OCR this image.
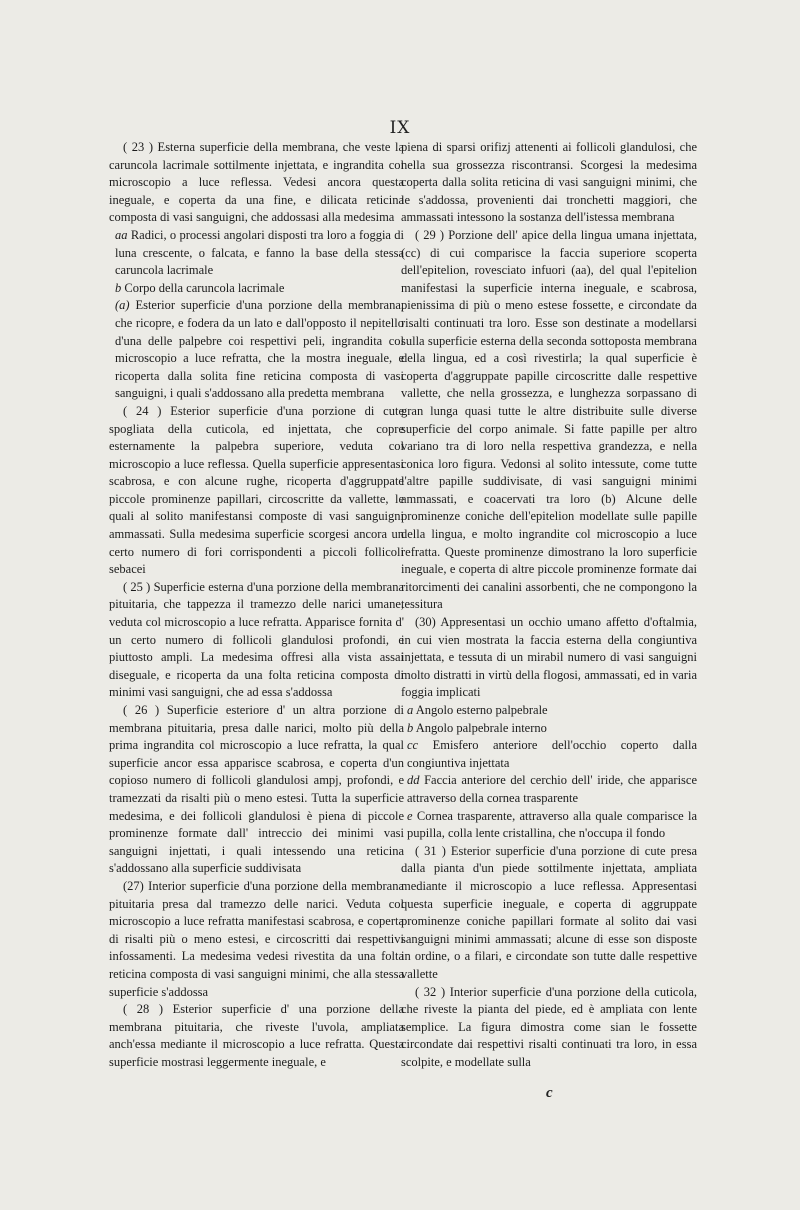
IX

( 23 ) Esterna superficie della membrana, che veste la caruncola lacrimale sottilmente injettata, e ingrandita col microscopio a luce reflessa. Vedesi ancora questa ineguale, e coperta da una fine, e dilicata reticina composta di vasi sanguigni, che addossasi alla medesima

aa Radici, o processi angolari disposti tra loro a foggia di luna crescente, o falcata, e fanno la base della stessa caruncola lacrimale

b Corpo della caruncola lacrimale

(a) Esterior superficie d'una porzione della membrana, che ricopre, e fodera da un lato e dall'opposto il nepitello d'una delle palpebre coi respettivi peli, ingrandita col microscopio a luce refratta, che la mostra ineguale, e ricoperta dalla solita fine reticina composta di vasi sanguigni, i quali s'addossano alla predetta membrana

( 24 ) Esterior superficie d'una porzione di cute spogliata della cuticola, ed injettata, che copre esternamente la palpebra superiore, veduta col microscopio a luce reflessa. Quella superficie appresentasi scabrosa, e con alcune rughe, ricoperta d'aggruppate piccole prominenze papillari, circoscritte da vallette, le quali al solito manifestansi composte di vasi sanguigni ammassati. Sulla medesima superficie scorgesi ancora un certo numero di fori corrispondenti a piccoli follicoli sebacei

( 25 ) Superficie esterna d'una porzione della membrana pituitaria, che tappezza il tramezzo delle narici umane, veduta col microscopio a luce refratta. Apparisce fornita d' un certo numero di follicoli glandulosi profondi, e piuttosto ampli. La medesima offresi alla vista assai diseguale, e ricoperta da una folta reticina composta di minimi vasi sanguigni, che ad essa s'addossa

( 26 ) Superficie esteriore d' un altra porzione di membrana pituitaria, presa dalle narici, molto più della prima ingrandita col microscopio a luce refratta, la qual superficie ancor essa apparisce scabrosa, e coperta d'un copioso numero di follicoli glandulosi ampj, profondi, e tramezzati da risalti più o meno estesi. Tutta la superficie medesima, e dei follicoli glandulosi è piena di piccole prominenze formate dall' intreccio dei minimi vasi sanguigni injettati, i quali intessendo una reticina s'addossano alla superficie suddivisata

(27) Interior superficie d'una porzione della membrana pituitaria presa dal tramezzo delle narici. Veduta col microscopio a luce refratta manifestasi scabrosa, e coperta di risalti più o meno estesi, e circoscritti dai respettivi infossamenti. La medesima vedesi rivestita da una folta reticina composta di vasi sanguigni minimi, che alla stessa superficie s'addossa

( 28 ) Esterior superficie d' una porzione della membrana pituitaria, che riveste l'uvola, ampliata anch'essa mediante il microscopio a luce refratta. Questa superficie mostrasi leggermente ineguale, e

piena di sparsi orifizj attenenti ai follicoli glandulosi, che nella sua grossezza riscontransi. Scorgesi la medesima coperta dalla solita reticina di vasi sanguigni minimi, che le s'addossa, provenienti dai tronchetti maggiori, che ammassati intessono la sostanza dell'istessa membrana

( 29 ) Porzione dell' apice della lingua umana injettata,(cc) di cui comparisce la faccia superiore scoperta dell'epitelion, rovesciato infuori (aa), del qual l'epitelion manifestasi la superficie interna ineguale, e scabrosa, pienissima di più o meno estese fossette, e circondate da risalti continuati tra loro. Esse son destinate a modellarsi sulla superficie esterna della seconda sottoposta membrana della lingua, ed a così rivestirla; la qual superficie è coperta d'aggruppate papille circoscritte dalle respettive vallette, che nella grossezza, e lunghezza sorpassano di gran lunga quasi tutte le altre distribuite sulle diverse superficie del corpo animale. Si fatte papille per altro variano tra di loro nella respettiva grandezza, e nella conica loro figura. Vedonsi al solito intessute, come tutte l'altre papille suddivisate, di vasi sanguigni minimi ammassati, e coacervati tra loro (b) Alcune delle prominenze coniche dell'epitelion modellate sulle papille della lingua, e molto ingrandite col microscopio a luce refratta. Queste prominenze dimostrano la loro superficie ineguale, e coperta di altre piccole prominenze formate dai ritorcimenti dei canalini assorbenti, che ne compongono la tessitura

(30) Appresentasi un occhio umano affetto d'oftalmia, in cui vien mostrata la faccia esterna della congiuntiva injettata, e tessuta di un mirabil numero di vasi sanguigni molto distratti in virtù della flogosi, ammassati, ed in varia foggia implicati

a Angolo esterno palpebrale

b Angolo palpebrale interno

cc Emisfero anteriore dell'occhio coperto dalla congiuntiva injettata

dd Faccia anteriore del cerchio dell' iride, che apparisce attraverso della cornea trasparente

e Cornea trasparente, attraverso alla quale comparisce la pupilla, colla lente cristallina, che n'occupa il fondo

( 31 ) Esterior superficie d'una porzione di cute presa dalla pianta d'un piede sottilmente injettata, ampliata mediante il microscopio a luce reflessa. Appresentasi questa superficie ineguale, e coperta di aggruppate prominenze coniche papillari formate al solito dai vasi sanguigni minimi ammassati; alcune di esse son disposte in ordine, o a filari, e circondate son tutte dalle respettive vallette

( 32 ) Interior superficie d'una porzione della cuticola, che riveste la pianta del piede, ed è ampliata con lente semplice. La figura dimostra come sian le fossette circondate dai respettivi risalti continuati tra loro, in essa scolpite, e modellate sulla

c
